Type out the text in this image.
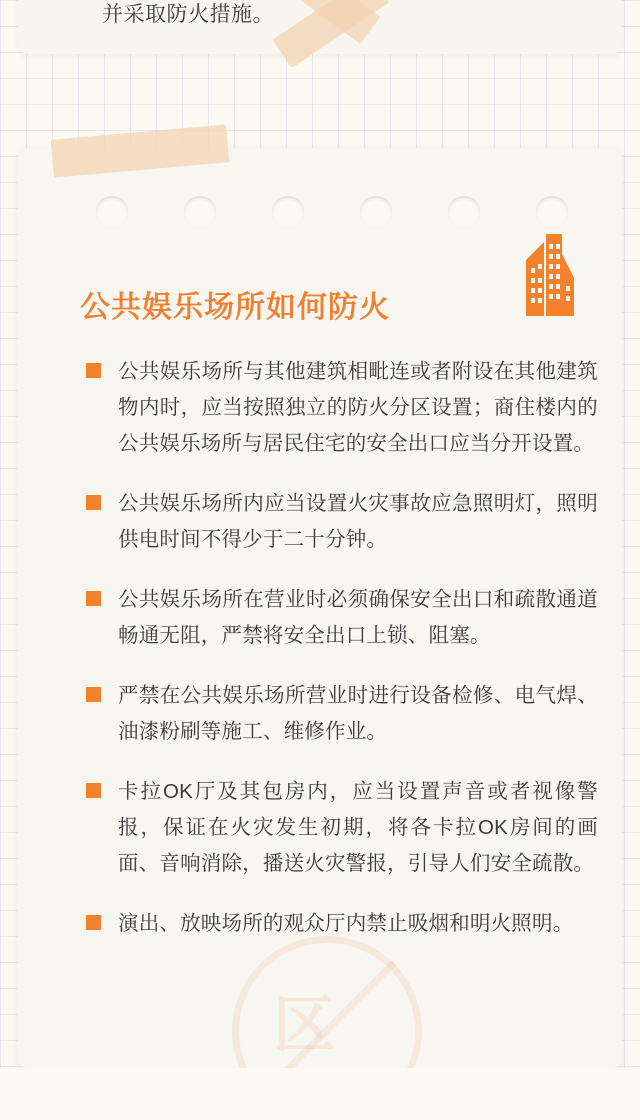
并采取防火措施。
区
公共娱乐场所如何防火

公共娱乐场所与其他建筑相毗连或者附设在其他建筑物内时，应当按照独立的防火分区设置；商住楼内的公共娱乐场所与居民住宅的安全出口应当分开设置。

公共娱乐场所内应当设置火灾事故应急照明灯，照明供电时间不得少于二十分钟。

公共娱乐场所在营业时必须确保安全出口和疏散通道畅通无阻，严禁将安全出口上锁、阻塞。

严禁在公共娱乐场所营业时进行设备检修、电气焊、油漆粉刷等施工、维修作业。

卡拉OK厅及其包房内，应当设置声音或者视像警报，保证在火灾发生初期，将各卡拉OK房间的画面、音响消除，播送火灾警报，引导人们安全疏散。

演出、放映场所的观众厅内禁止吸烟和明火照明。
